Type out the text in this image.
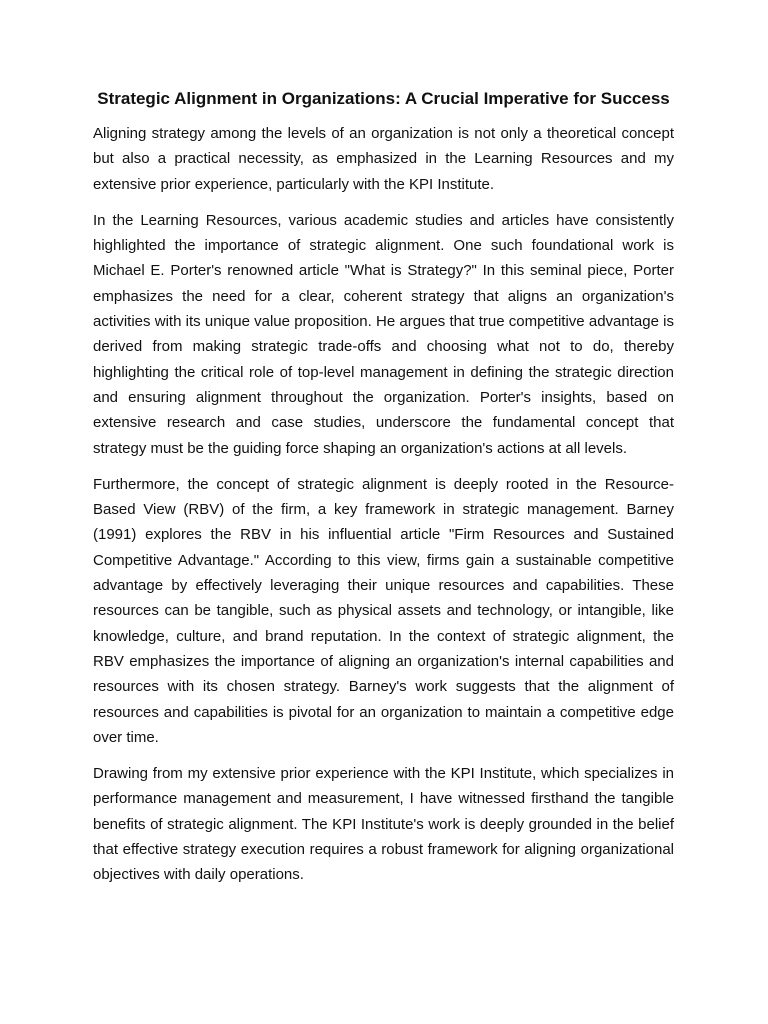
Strategic Alignment in Organizations: A Crucial Imperative for Success

Aligning strategy among the levels of an organization is not only a theoretical concept but also a practical necessity, as emphasized in the Learning Resources and my extensive prior experience, particularly with the KPI Institute.

In the Learning Resources, various academic studies and articles have consistently highlighted the importance of strategic alignment. One such foundational work is Michael E. Porter's renowned article "What is Strategy?" In this seminal piece, Porter emphasizes the need for a clear, coherent strategy that aligns an organization's activities with its unique value proposition. He argues that true competitive advantage is derived from making strategic trade-offs and choosing what not to do, thereby highlighting the critical role of top-level management in defining the strategic direction and ensuring alignment throughout the organization. Porter's insights, based on extensive research and case studies, underscore the fundamental concept that strategy must be the guiding force shaping an organization's actions at all levels.

Furthermore, the concept of strategic alignment is deeply rooted in the Resource-Based View (RBV) of the firm, a key framework in strategic management. Barney (1991) explores the RBV in his influential article "Firm Resources and Sustained Competitive Advantage." According to this view, firms gain a sustainable competitive advantage by effectively leveraging their unique resources and capabilities. These resources can be tangible, such as physical assets and technology, or intangible, like knowledge, culture, and brand reputation. In the context of strategic alignment, the RBV emphasizes the importance of aligning an organization's internal capabilities and resources with its chosen strategy. Barney's work suggests that the alignment of resources and capabilities is pivotal for an organization to maintain a competitive edge over time.

Drawing from my extensive prior experience with the KPI Institute, which specializes in performance management and measurement, I have witnessed firsthand the tangible benefits of strategic alignment. The KPI Institute's work is deeply grounded in the belief that effective strategy execution requires a robust framework for aligning organizational objectives with daily operations.
